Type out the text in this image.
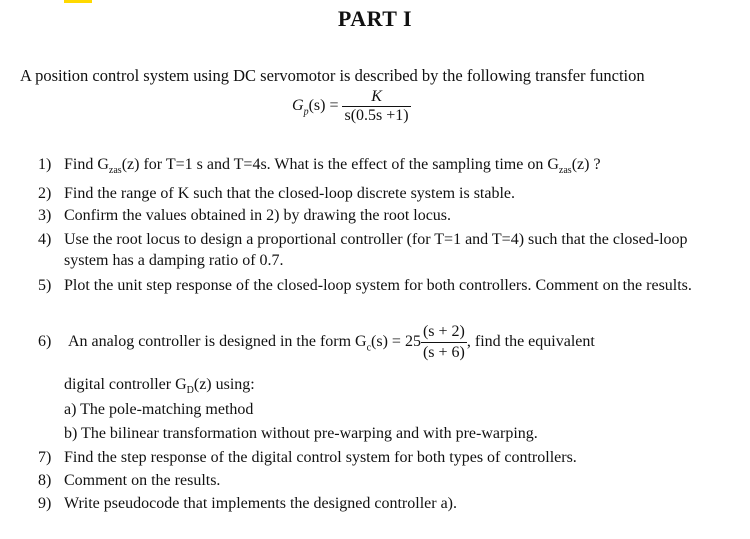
PART I
A position control system using DC servomotor is described by the following transfer function
$G_p(s) = \frac{K}{s(0.5s +1)}$
1) Find $G_{zas}(z)$ for T=1 s and T=4s. What is the effect of the sampling time on $G_{zas}(z)$ ?
2) Find the range of K such that the closed-loop discrete system is stable.
3) Confirm the values obtained in 2) by drawing the root locus.
4) Use the root locus to design a proportional controller (for T=1 and T=4) such that the closed-loop system has a damping ratio of 0.7.
5) Plot the unit step response of the closed-loop system for both controllers. Comment on the results.
6)	An analog controller is designed in the form $G_c(s) = 25 \frac{(s + 2)}{(s + 6)}$ , find the equivalent
digital controller $G_D(z)$ using:
a) The pole-matching method
b) The bilinear transformation without pre-warping and with pre-warping.
7) Find the step response of the digital control system for both types of controllers.
8) Comment on the results.
9) Write pseudocode that implements the designed controller a).
